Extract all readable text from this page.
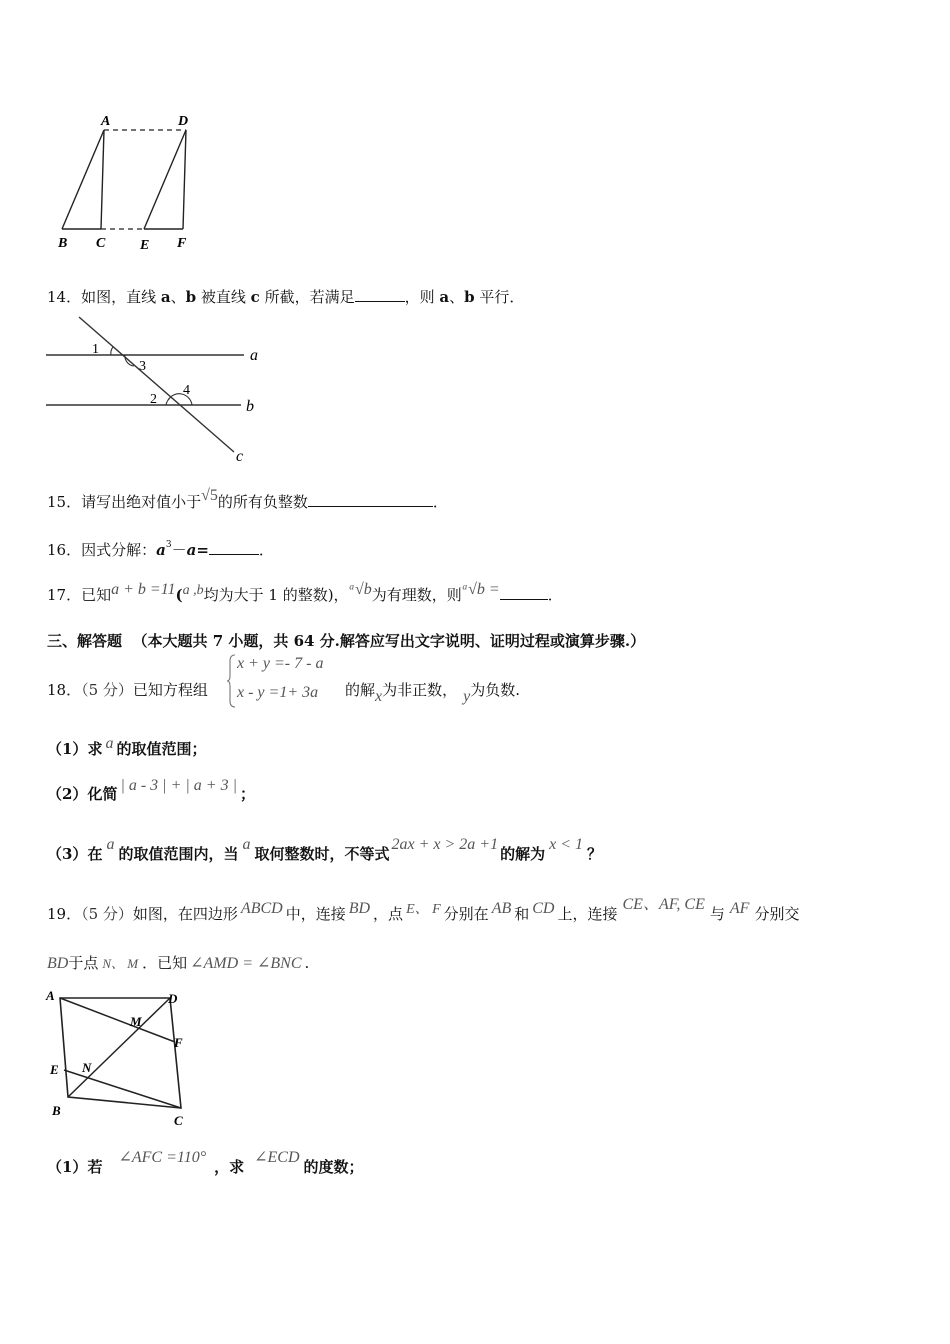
A	D
B C E F
14．如图，直线 a、b 被直线 c 所截，若满足	，则 a、b 平行．
1
3
2
4
a
b
c
15．请写出绝对值小于√5的所有负整数	．
16．因式分解：$a^3-a=$	．
17．已知a + b =11(a ,b均为大于 1 的整数)，ᵃ√b为有理数，则ᵃ√b =	．
三、解答题 （本大题共 7 小题，共 64 分.解答应写出文字说明、证明过程或演算步骤.）
18．（5 分）已知方程组
x + y =- 7 - a
x - y =1+ 3a 的解x为非正数， y为负数.
（1）求 a 的取值范围；
（2）化简 | a - 3 | + | a + 3 | ；
（3）在a的取值范围内，当a取何整数时，不等式2ax + x > 2a +1的解为x < 1？
19．（5 分）如图，在四边形 ABCD 中，连接 BD ，点 E、 F 分别在 AB 和 CD 上，连接CE、AF, CE与 AF 分别交
BD于点 N、 M ．已知 ∠AMD = ∠BNC .
A	D
M
F
E N
B
C
（1）若∠AFC =110°，求∠ECD的度数；
